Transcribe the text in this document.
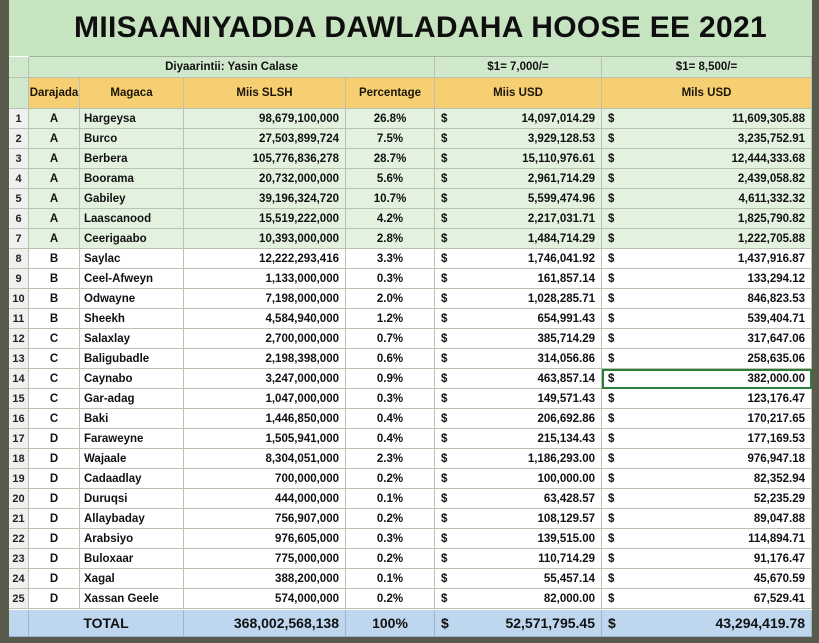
MIISAANIYADDA DAWLADAHA HOOSE EE 2021
Diyaarintii: Yasin Calase	$1= 7,000/=	$1= 8,500/=
Darajada	Magaca	Miis SLSH	Percentage	Miis USD	Mils USD
1	A	Hargeysa	98,679,100,000	26.8%	$	14,097,014.29 $	11,609,305.88
2	A	Burco	27,503,899,724	7.5%	$	3,929,128.53 $	3,235,752.91
3	A	Berbera	105,776,836,278	28.7%	$	15,110,976.61 $	12,444,333.68
4	A	Boorama	20,732,000,000	5.6%	$	2,961,714.29 $	2,439,058.82
5	A	Gabiley	39,196,324,720	10.7%	$	5,599,474.96 $	4,611,332.32
6	A	Laascanood	15,519,222,000	4.2%	$	2,217,031.71 $	1,825,790.82
7	A	Ceerigaabo	10,393,000,000	2.8%	$	1,484,714.29 $	1,222,705.88
8	B	Saylac	12,222,293,416	3.3%	$	1,746,041.92 $	1,437,916.87
9	B	Ceel-Afweyn	1,133,000,000	0.3%	$	161,857.14 $	133,294.12
10	B	Odwayne	7,198,000,000	2.0%	$	1,028,285.71 $	846,823.53
11	B	Sheekh	4,584,940,000	1.2%	$	654,991.43 $	539,404.71
12	C	Salaxlay	2,700,000,000	0.7%	$	385,714.29 $	317,647.06
13	C	Baligubadle	2,198,398,000	0.6%	$	314,056.86 $	258,635.06
14	C	Caynabo	3,247,000,000	0.9%	$	463,857.14 $	382,000.00
15	C	Gar-adag	1,047,000,000	0.3%	$	149,571.43 $	123,176.47
16	C	Baki	1,446,850,000	0.4%	$	206,692.86 $	170,217.65
17	D	Faraweyne	1,505,941,000	0.4%	$	215,134.43 $	177,169.53
18	D	Wajaale	8,304,051,000	2.3%	$	1,186,293.00 $	976,947.18
19	D	Cadaadlay	700,000,000	0.2%	$	100,000.00 $	82,352.94
20	D	Duruqsi	444,000,000	0.1%	$	63,428.57 $	52,235.29
21	D	Allaybaday	756,907,000	0.2%	$	108,129.57 $	89,047.88
22	D	Arabsiyo	976,605,000	0.3%	$	139,515.00 $	114,894.71
23	D	Buloxaar	775,000,000	0.2%	$	110,714.29 $	91,176.47
24	D	Xagal	388,200,000	0.1%	$	55,457.14 $	45,670.59
25	D	Xassan Geele	574,000,000	0.2%	$	82,000.00 $	67,529.41
TOTAL	368,002,568,138	100%	$	52,571,795.45 $	43,294,419.78
